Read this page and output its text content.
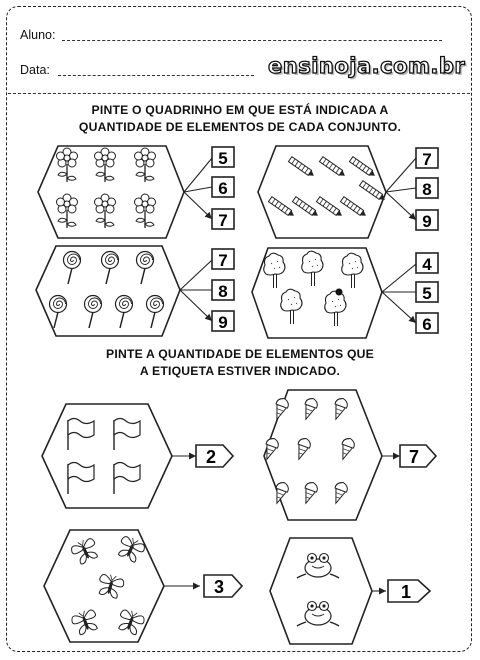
Aluno:
Data:	ensinoja.com.br
PINTE O QUADRINHO EM QUE ESTÁ INDICADA A
QUANTIDADE DE ELEMENTOS DE CADA CONJUNTO.
PINTE A QUANTIDADE DE ELEMENTOS QUE
A ETIQUETA ESTIVER INDICADO.
5
6
7
7
8
9
7
8
9
4
5
6
2	7
3	1
